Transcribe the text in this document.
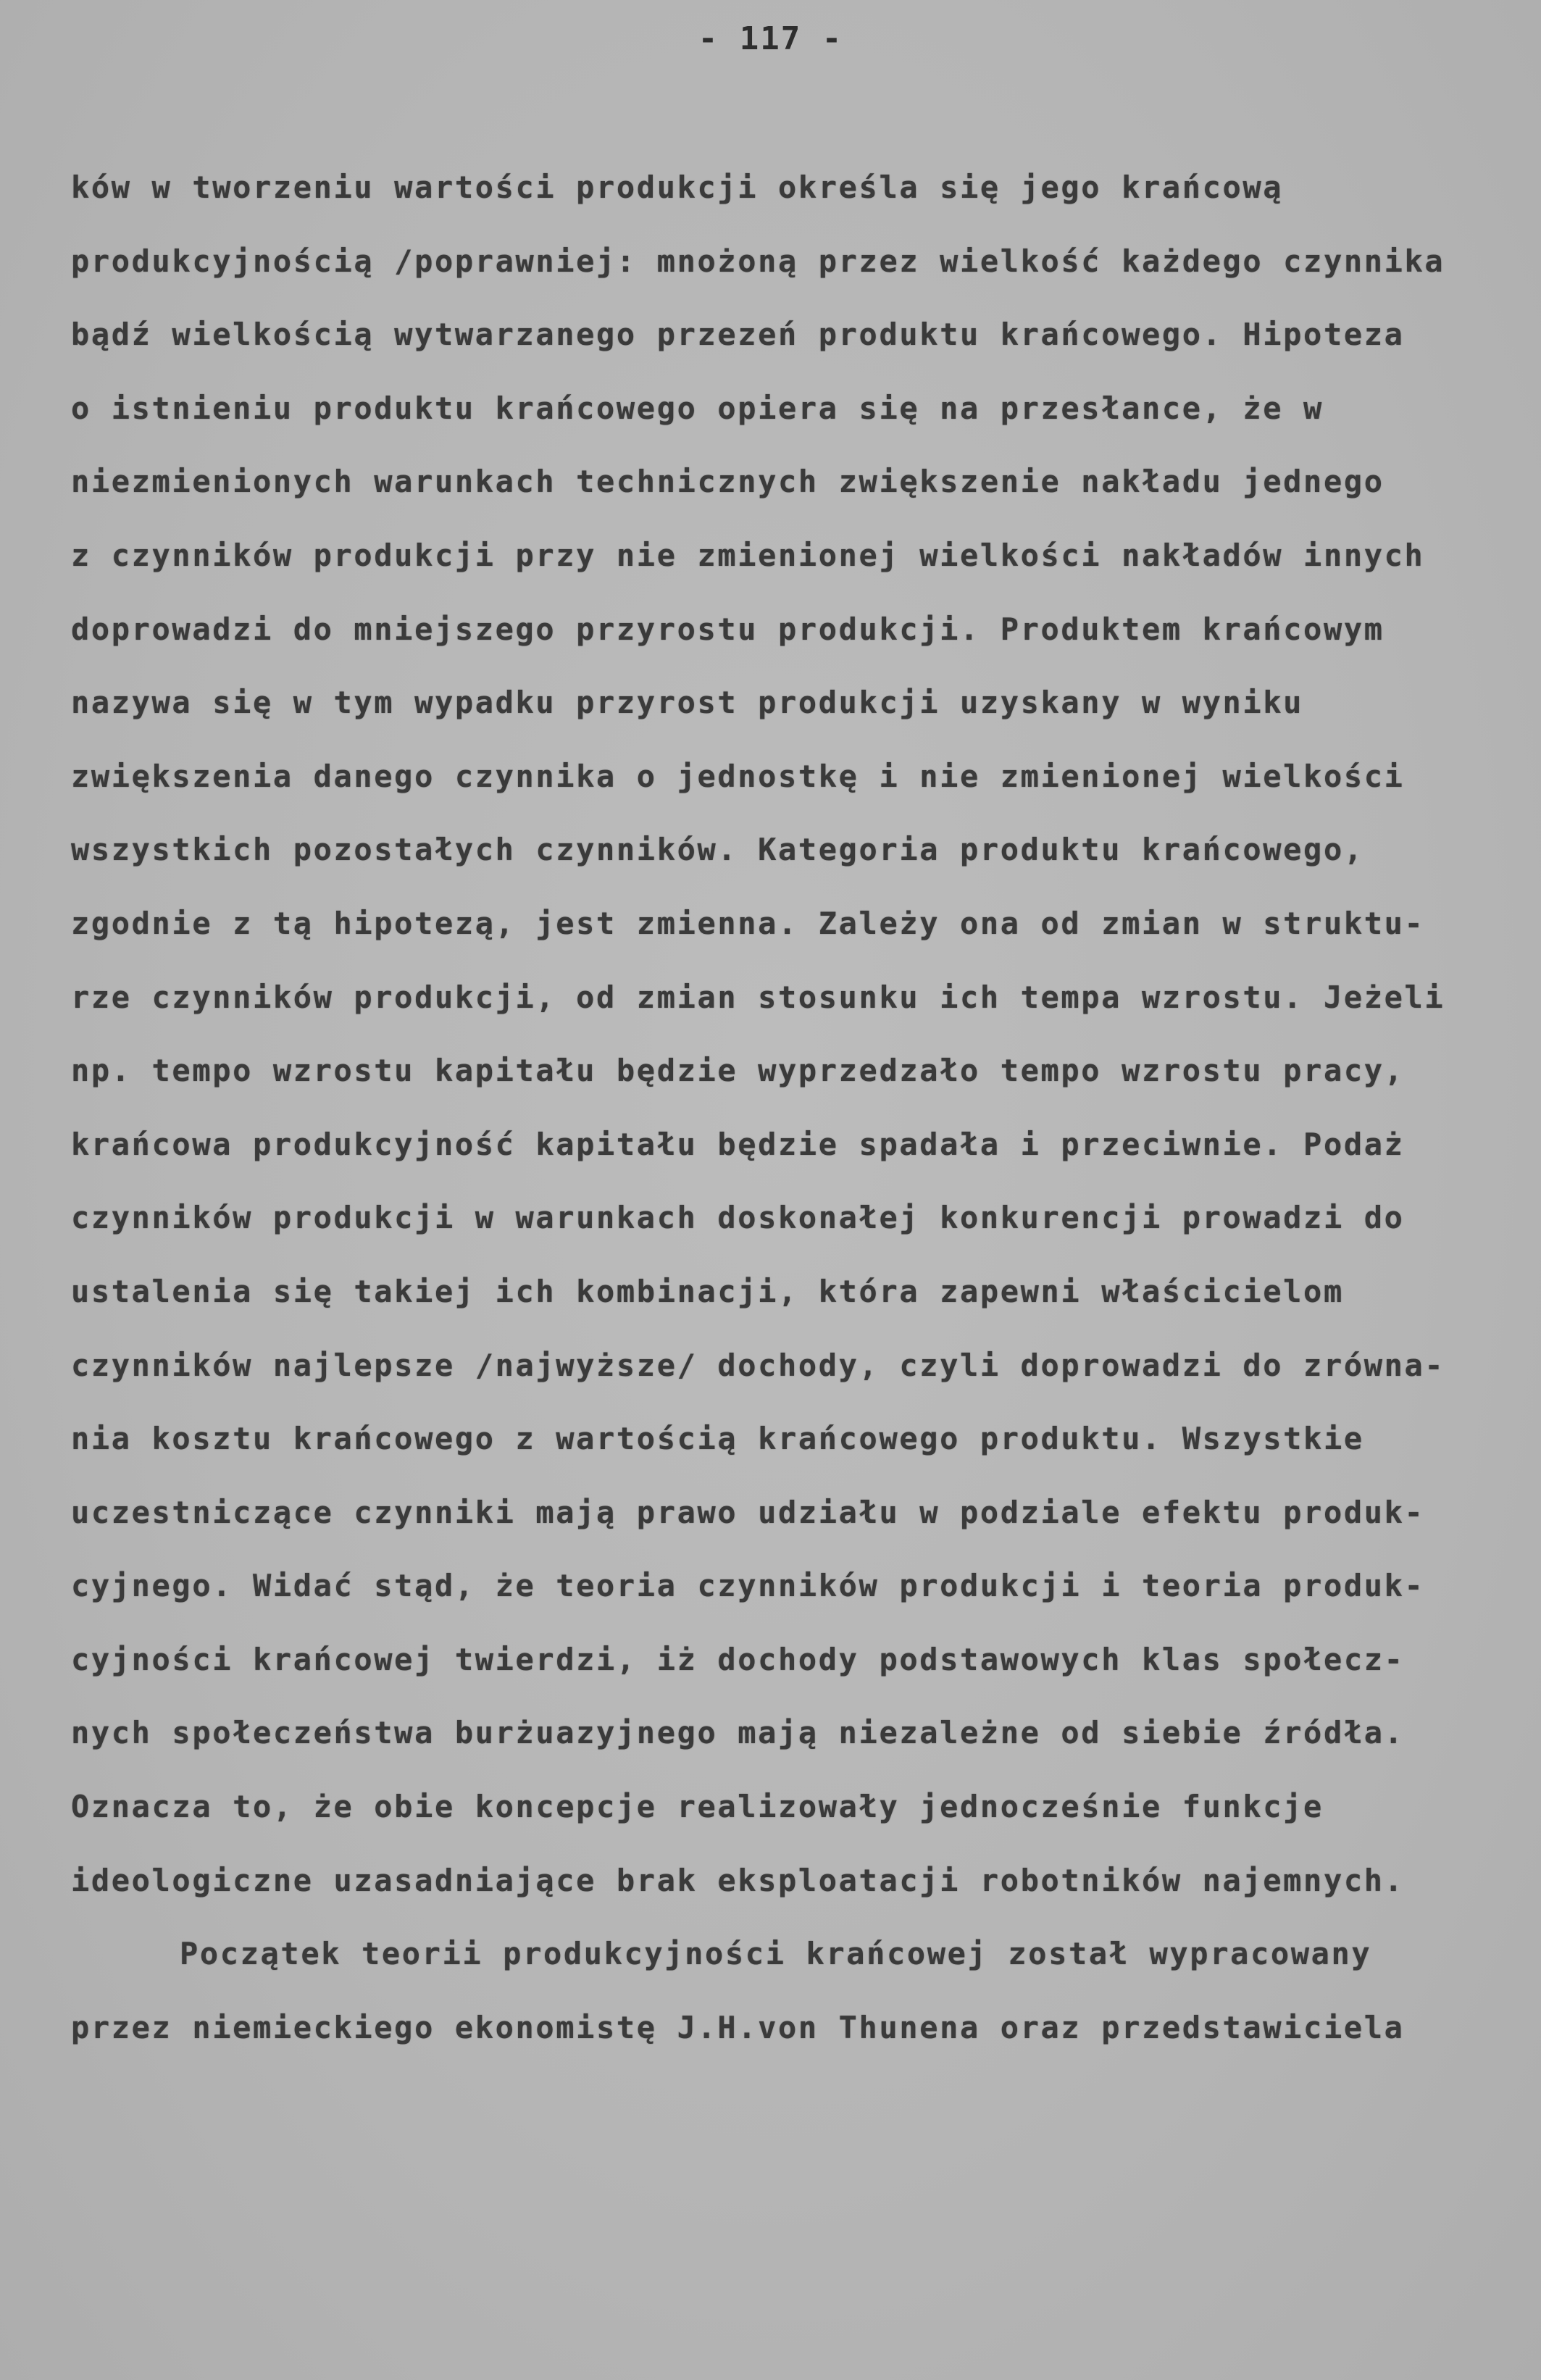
- 117 -
ków w tworzeniu wartości produkcji określa się jego krańcową
produkcyjnością /poprawniej: mnożoną przez wielkość każdego czynnika
bądź wielkością wytwarzanego przezeń produktu krańcowego. Hipoteza
o istnieniu produktu krańcowego opiera się na przesłance, że w
niezmienionych warunkach technicznych zwiększenie nakładu jednego
z czynników produkcji przy nie zmienionej wielkości nakładów innych
doprowadzi do mniejszego przyrostu produkcji. Produktem krańcowym
nazywa się w tym wypadku przyrost produkcji uzyskany w wyniku
zwiększenia danego czynnika o jednostkę i nie zmienionej wielkości
wszystkich pozostałych czynników. Kategoria produktu krańcowego,
zgodnie z tą hipotezą, jest zmienna. Zależy ona od zmian w struktu-
rze czynników produkcji, od zmian stosunku ich tempa wzrostu. Jeżeli
np. tempo wzrostu kapitału będzie wyprzedzało tempo wzrostu pracy,
krańcowa produkcyjność kapitału będzie spadała i przeciwnie. Podaż
czynników produkcji w warunkach doskonałej konkurencji prowadzi do
ustalenia się takiej ich kombinacji, która zapewni właścicielom
czynników najlepsze /najwyższe/ dochody, czyli doprowadzi do zrówna-
nia kosztu krańcowego z wartością krańcowego produktu. Wszystkie
uczestniczące czynniki mają prawo udziału w podziale efektu produk-
cyjnego. Widać stąd, że teoria czynników produkcji i teoria produk-
cyjności krańcowej twierdzi, iż dochody podstawowych klas społecz-
nych społeczeństwa burżuazyjnego mają niezależne od siebie źródła.
Oznacza to, że obie koncepcje realizowały jednocześnie funkcje
ideologiczne uzasadniające brak eksploatacji robotników najemnych.
Początek teorii produkcyjności krańcowej został wypracowany
przez niemieckiego ekonomistę J.H.von Thunena oraz przedstawiciela
